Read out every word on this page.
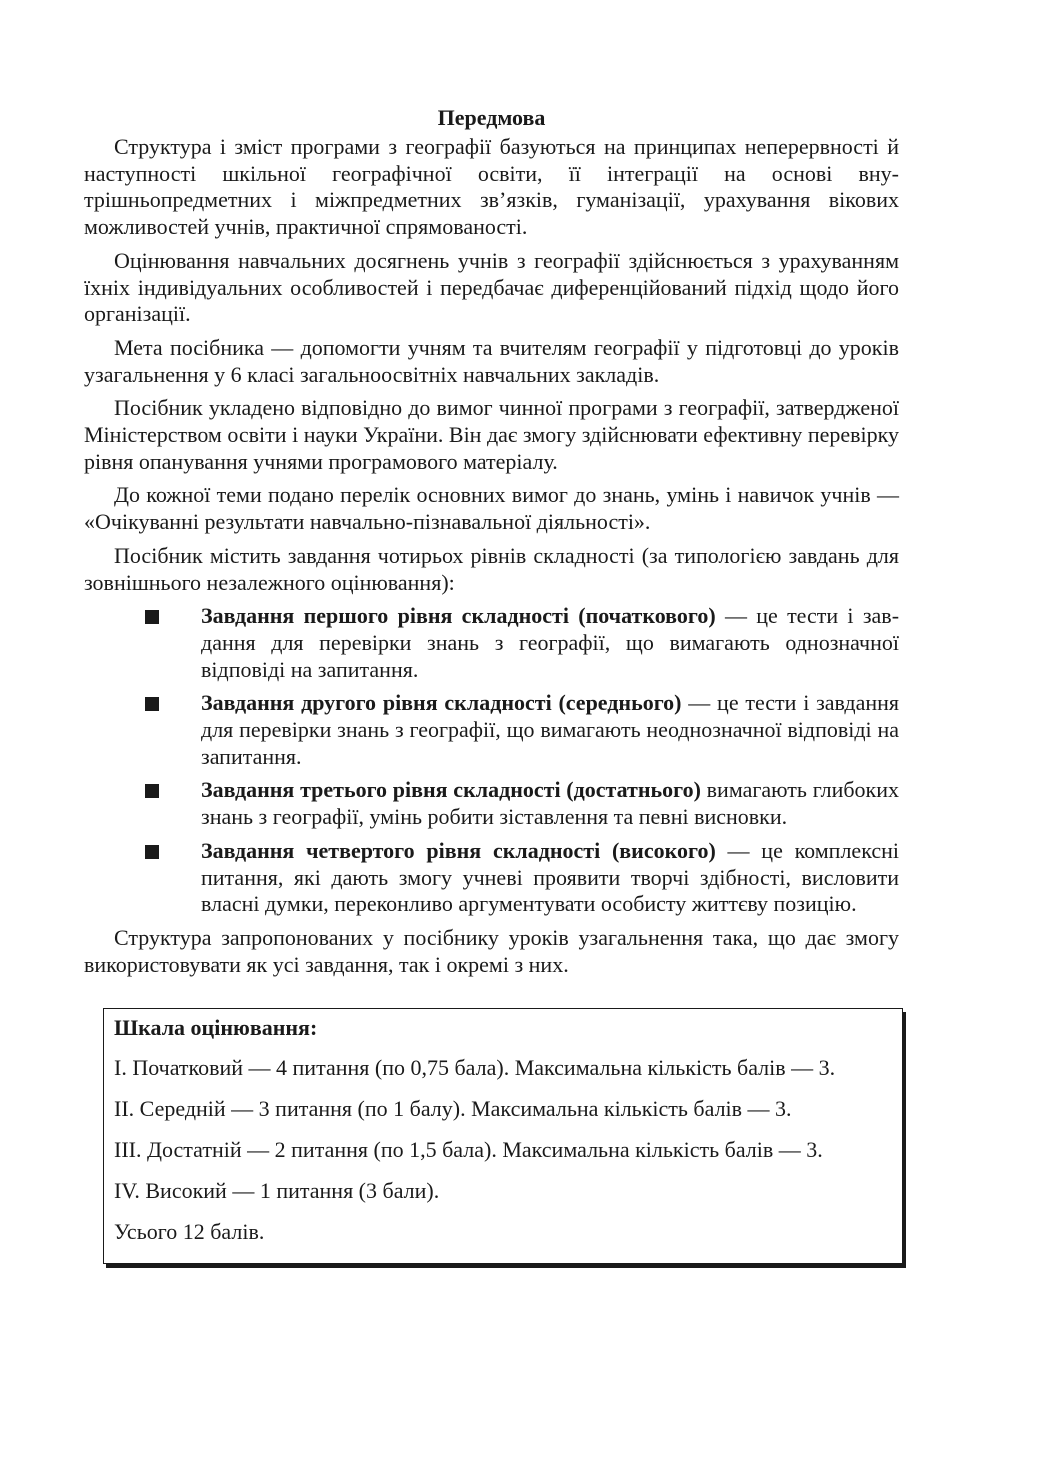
Передмова

Структура і зміст програми з географії базуються на принципах неперервності й наступності шкільної географічної освіти, її інтеграції на основі внутрішньопредметних і міжпредметних зв’язків, гуманізації, урахування вікових можливостей учнів, практичної спрямованості.

Оцінювання навчальних досягнень учнів з географії здійснюється з урахуванням їхніх індивідуальних особливостей і передбачає диференційований підхід щодо його організації.

Мета посібника — допомогти учням та вчителям географії у підготовці до уроків узагальнення у 6 класі загальноосвітніх навчальних закладів.

Посібник укладено відповідно до вимог чинної програми з географії, затвердженої Міністерством освіти і науки України. Він дає змогу здійснювати ефективну перевірку рівня опанування учнями програмового матеріалу.

До кожної теми подано перелік основних вимог до знань, умінь і навичок учнів — «Очікуванні результати навчально-пізнавальної діяльності».

Посібник містить завдання чотирьох рівнів складності (за типологією завдань для зовнішнього незалежного оцінювання):

Завдання першого рівня складності (початкового) — це тести і завдання для перевірки знань з географії, що вимагають однозначної відповіді на запитання.
Завдання другого рівня складності (середнього) — це тести і завдання для перевірки знань з географії, що вимагають неоднозначної відповіді на запитання.
Завдання третього рівня складності (достатнього) вимагають глибоких знань з географії, умінь робити зіставлення та певні висновки.
Завдання четвертого рівня складності (високого) — це комплексні питання, які дають змогу учневі проявити творчі здібності, вислoвити власні думки, переконливо аргументувати особисту життєву позицію.

Структура запропонованих у посібнику уроків узагальнення така, що дає змогу використовувати як усі завдання, так і окремі з них.

Шкала оцінювання:
І. Початковий — 4 питання (по 0,75 бала). Максимальна кількість балів — 3.
ІІ. Середній — 3 питання (по 1 балу). Максимальна кількість балів — 3.
ІІІ. Достатній — 2 питання (по 1,5 бала). Максимальна кількість балів — 3.
ІV. Високий — 1 питання (3 бали).
Усього 12 балів.
